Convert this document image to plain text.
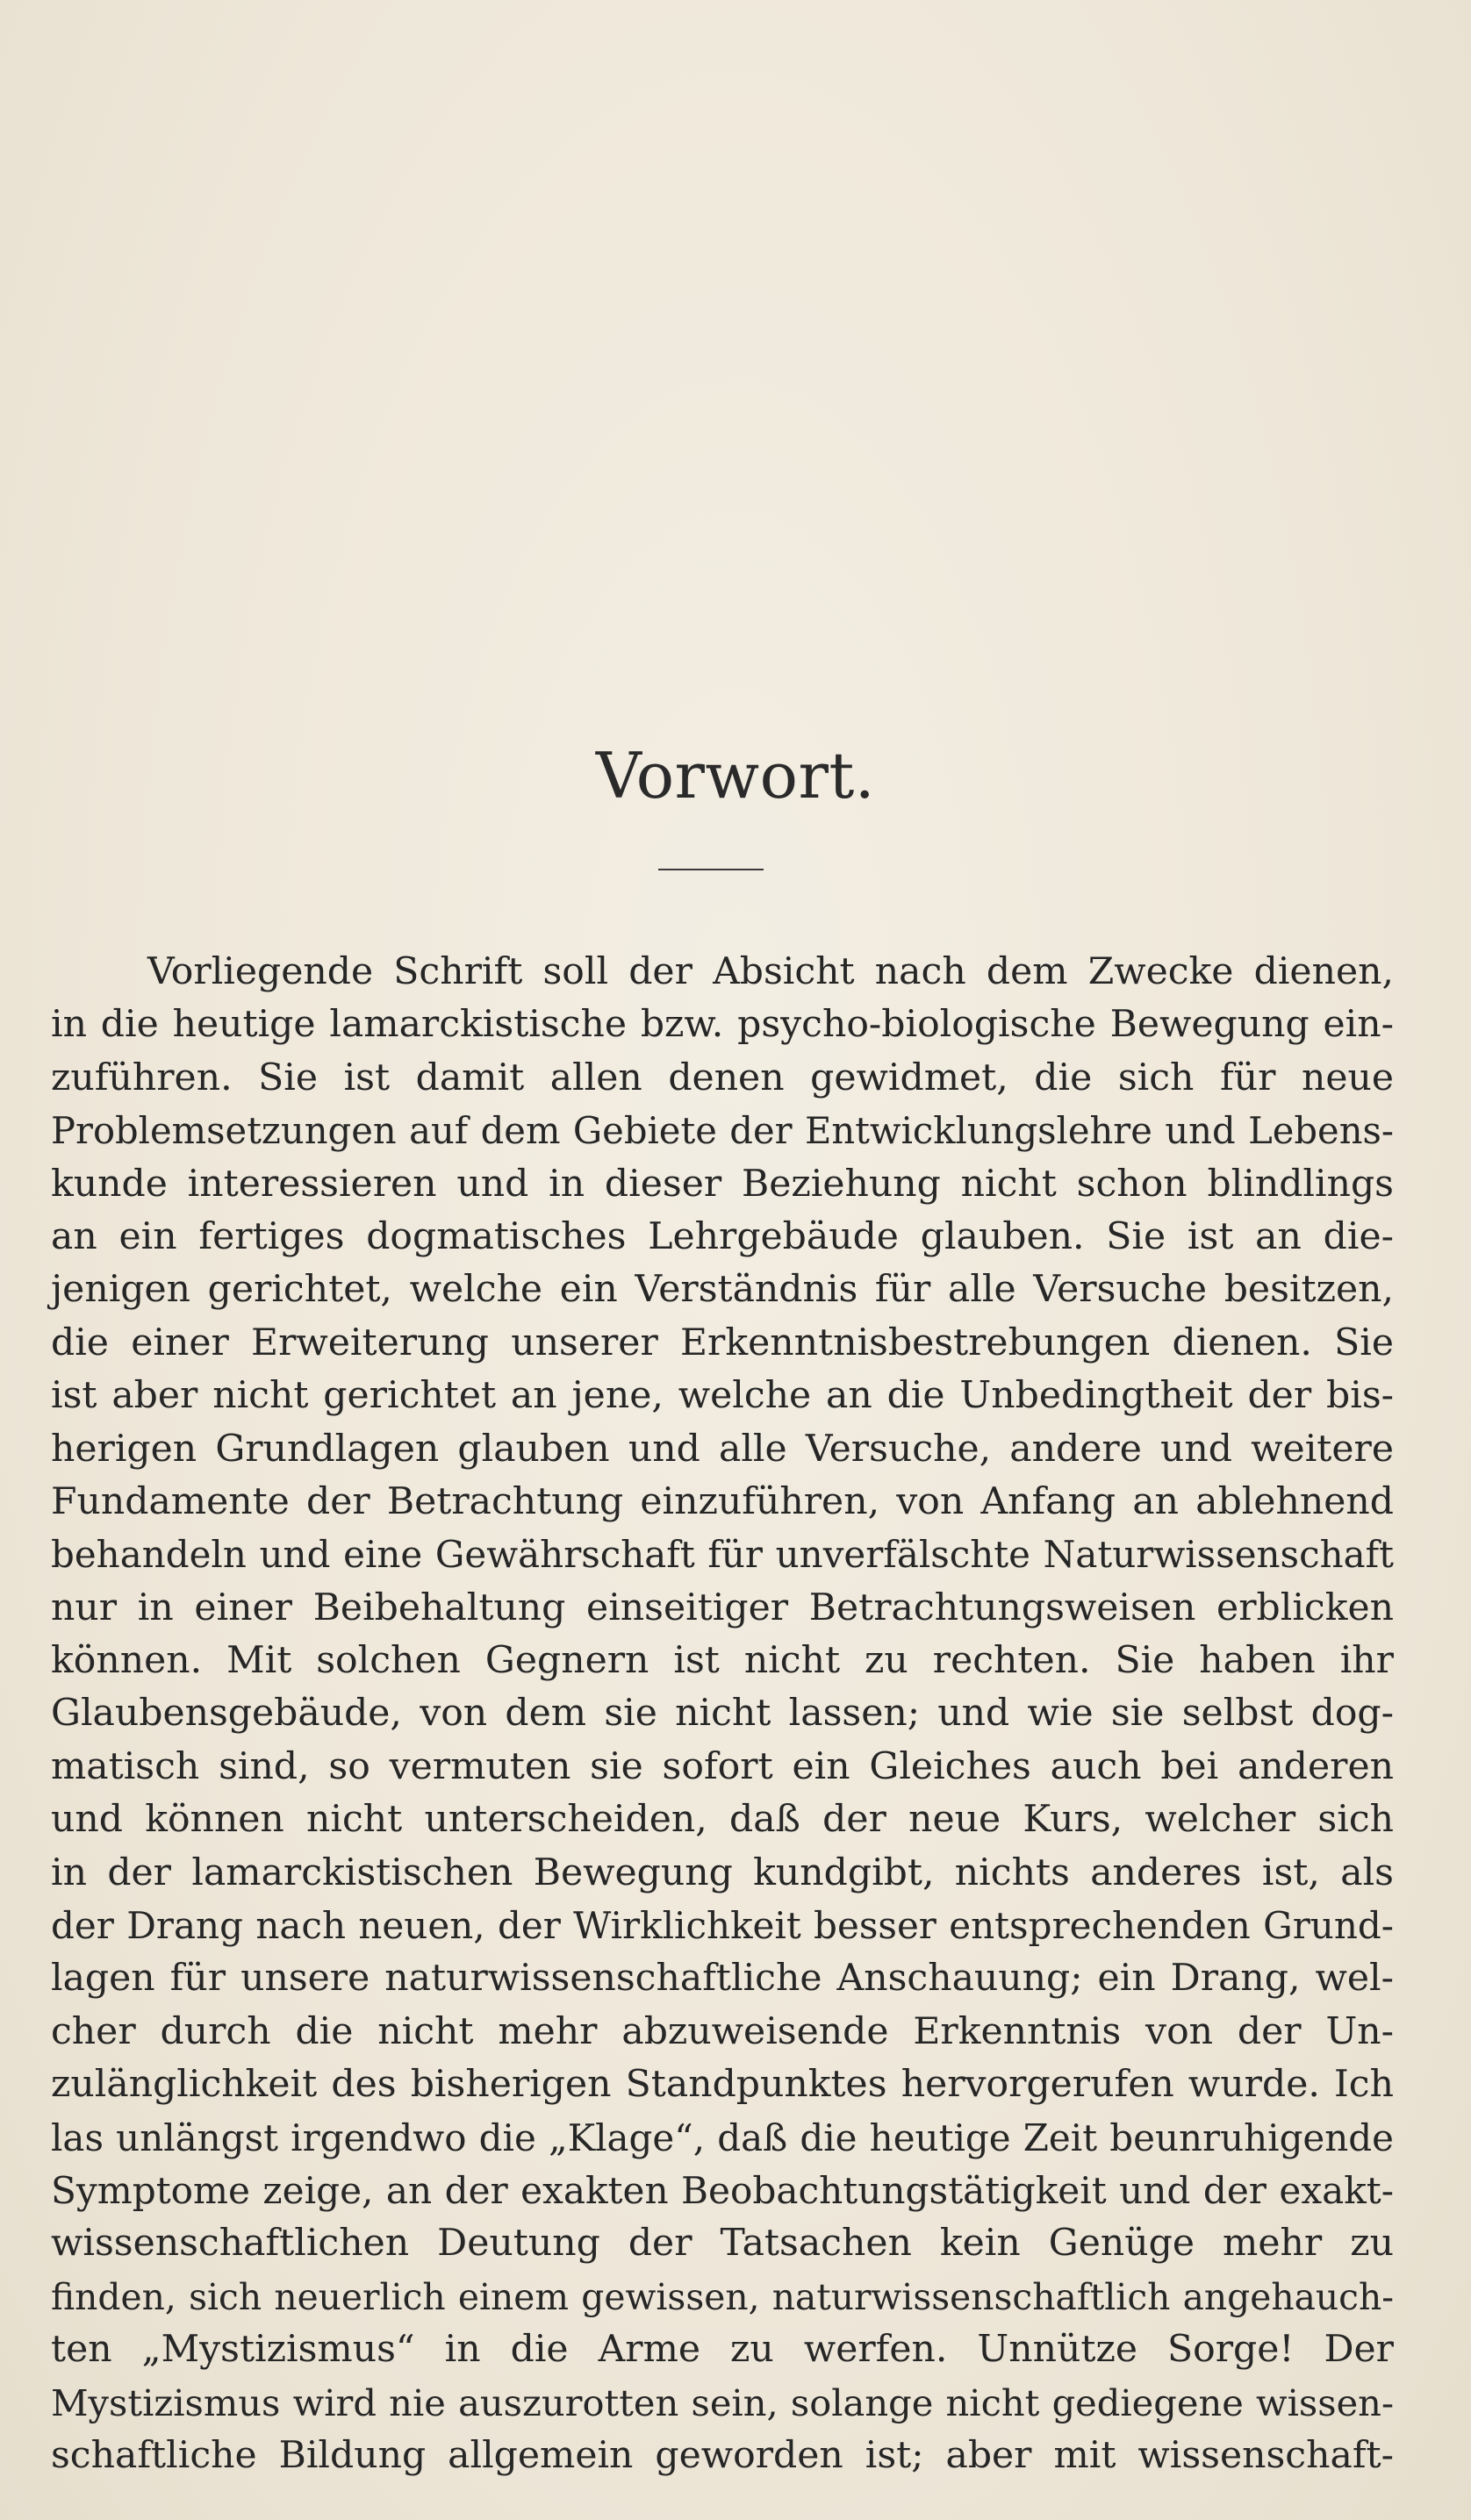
Vorwort.
Vorliegende Schrift soll der Absicht nach dem Zwecke dienen,
in die heutige lamarckistische bzw. psycho-biologische Bewegung ein-
zuführen. Sie ist damit allen denen gewidmet, die sich für neue
Problemsetzungen auf dem Gebiete der Entwicklungslehre und Lebens-
kunde interessieren und in dieser Beziehung nicht schon blindlings
an ein fertiges dogmatisches Lehrgebäude glauben. Sie ist an die-
jenigen gerichtet, welche ein Verständnis für alle Versuche besitzen,
die einer Erweiterung unserer Erkenntnisbestrebungen dienen. Sie
ist aber nicht gerichtet an jene, welche an die Unbedingtheit der bis-
herigen Grundlagen glauben und alle Versuche, andere und weitere
Fundamente der Betrachtung einzuführen, von Anfang an ablehnend
behandeln und eine Gewährschaft für unverfälschte Naturwissenschaft
nur in einer Beibehaltung einseitiger Betrachtungsweisen erblicken
können. Mit solchen Gegnern ist nicht zu rechten. Sie haben ihr
Glaubensgebäude, von dem sie nicht lassen; und wie sie selbst dog-
matisch sind, so vermuten sie sofort ein Gleiches auch bei anderen
und können nicht unterscheiden, daß der neue Kurs, welcher sich
in der lamarckistischen Bewegung kundgibt, nichts anderes ist, als
der Drang nach neuen, der Wirklichkeit besser entsprechenden Grund-
lagen für unsere naturwissenschaftliche Anschauung; ein Drang, wel-
cher durch die nicht mehr abzuweisende Erkenntnis von der Un-
zulänglichkeit des bisherigen Standpunktes hervorgerufen wurde. Ich
las unlängst irgendwo die „Klage“, daß die heutige Zeit beunruhigende
Symptome zeige, an der exakten Beobachtungstätigkeit und der exakt-
wissenschaftlichen Deutung der Tatsachen kein Genüge mehr zu
finden, sich neuerlich einem gewissen, naturwissenschaftlich angehauch-
ten „Mystizismus“ in die Arme zu werfen. Unnütze Sorge! Der
Mystizismus wird nie auszurotten sein, solange nicht gediegene wissen-
schaftliche Bildung allgemein geworden ist; aber mit wissenschaft-
